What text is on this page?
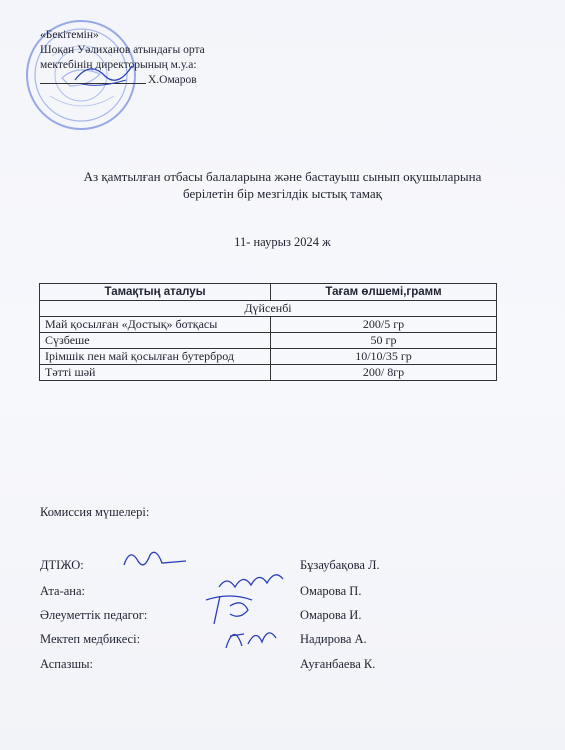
«Бекітемін»
Шоқан Уәлиханов атындағы орта
мектебінің директорының м.у.а:
Х.Омаров
Аз қамтылған отбасы балаларына және бастауыш сынып оқушыларына
берілетін бір мезгілдік ыстық тамақ
11- наурыз 2024 ж
Тамақтың аталуы	Тағам өлшемі,грамм
Дүйсенбі	
Май қосылған «Достық» ботқасы	200/5 гр
Сүзбеше	50 гр
Ірімшік пен май қосылған бутерброд	10/10/35 гр
Тәтті шәй	200/ 8гр
Комиссия мүшелері:
ДТІЖО:	Бұзаубақова Л.
Ата-ана:	Омарова П.
Әлеуметтік педагог:	Омарова И.
Мектеп медбикесі:	Надирова А.
Аспазшы:	Ауғанбаева К.
